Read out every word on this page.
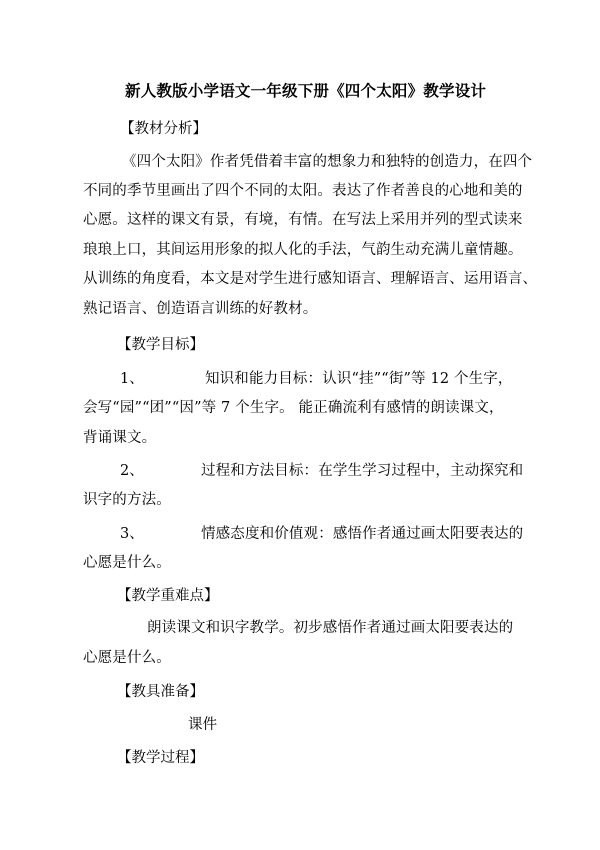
新人教版小学语文一年级下册《四个太阳》教学设计
【教材分析】
《四个太阳》作者凭借着丰富的想象力和独特的创造力，在四个
不同的季节里画出了四个不同的太阳。表达了作者善良的心地和美的
心愿。这样的课文有景，有境，有情。在写法上采用并列的型式读来
琅琅上口，其间运用形象的拟人化的手法，气韵生动充满儿童情趣。
从训练的角度看，本文是对学生进行感知语言、理解语言、运用语言、
熟记语言、创造语言训练的好教材。
【教学目标】
1、	知识和能力目标：认识“挂”“街”等 12 个生字，
会写“园”“团”“因”等 7 个生字。 能正确流利有感情的朗读课文，
背诵课文。
2、	过程和方法目标：在学生学习过程中，主动探究和
识字的方法。
3、	情感态度和价值观：感悟作者通过画太阳要表达的
心愿是什么。
【教学重难点】
朗读课文和识字教学。初步感悟作者通过画太阳要表达的
心愿是什么。
【教具准备】
课件
【教学过程】
